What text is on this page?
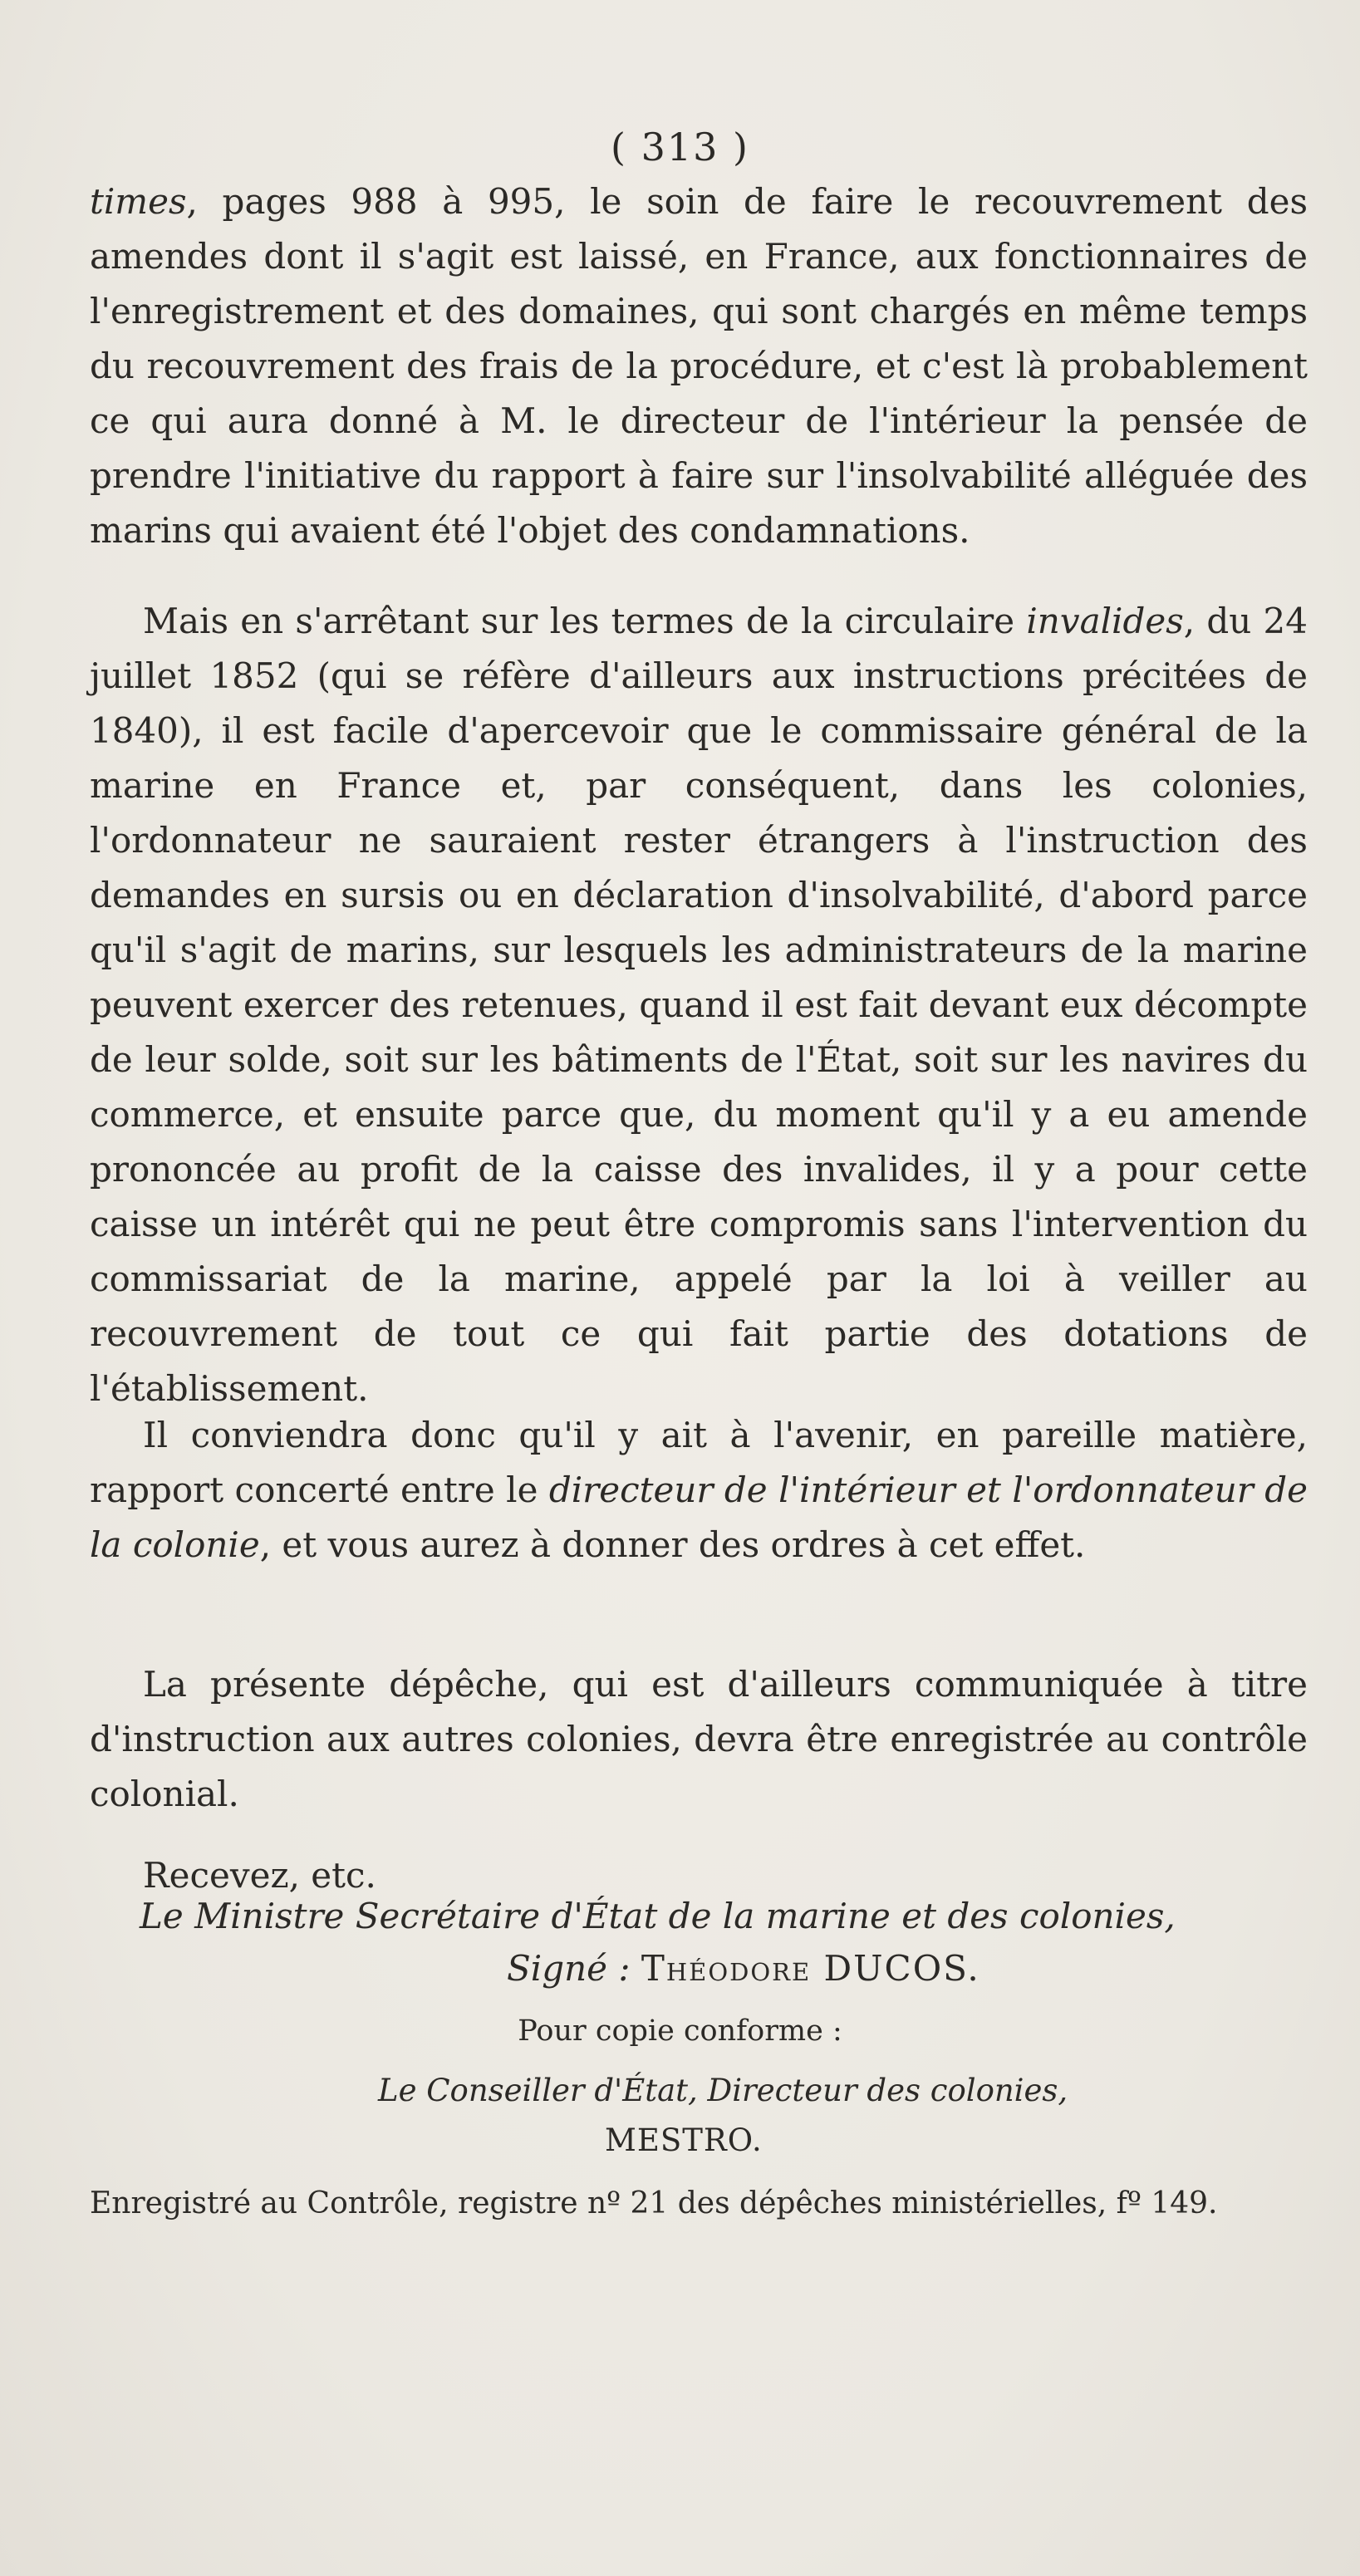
( 313 )

times, pages 988 à 995, le soin de faire le recouvrement des amendes dont il s'agit est laissé, en France, aux fonctionnaires de l'enregistrement et des domaines, qui sont chargés en même temps du recouvrement des frais de la procédure, et c'est là probablement ce qui aura donné à M. le directeur de l'intérieur la pensée de prendre l'initiative du rapport à faire sur l'insolvabilité alléguée des marins qui avaient été l'objet des condamnations.

Mais en s'arrêtant sur les termes de la circulaire invalides, du 24 juillet 1852 (qui se réfère d'ailleurs aux instructions précitées de 1840), il est facile d'apercevoir que le commissaire général de la marine en France et, par conséquent, dans les colonies, l'ordonnateur ne sauraient rester étrangers à l'instruction des demandes en sursis ou en déclaration d'insolvabilité, d'abord parce qu'il s'agit de marins, sur lesquels les administrateurs de la marine peuvent exercer des retenues, quand il est fait devant eux décompte de leur solde, soit sur les bâtiments de l'État, soit sur les navires du commerce, et ensuite parce que, du moment qu'il y a eu amende prononcée au profit de la caisse des invalides, il y a pour cette caisse un intérêt qui ne peut être compromis sans l'intervention du commissariat de la marine, appelé par la loi à veiller au recouvrement de tout ce qui fait partie des dotations de l'établissement.

Il conviendra donc qu'il y ait à l'avenir, en pareille matière, rapport concerté entre le directeur de l'intérieur et l'ordonnateur de la colonie, et vous aurez à donner des ordres à cet effet.

La présente dépêche, qui est d'ailleurs communiquée à titre d'instruction aux autres colonies, devra être enregistrée au contrôle colonial.

Recevez, etc.

Le Ministre Secrétaire d'État de la marine et des colonies,
Signé : Théodore DUCOS.
Pour copie conforme :
Le Conseiller d'État, Directeur des colonies,
MESTRO.
Enregistré au Contrôle, registre nº 21 des dépêches ministérielles, fº 149.
